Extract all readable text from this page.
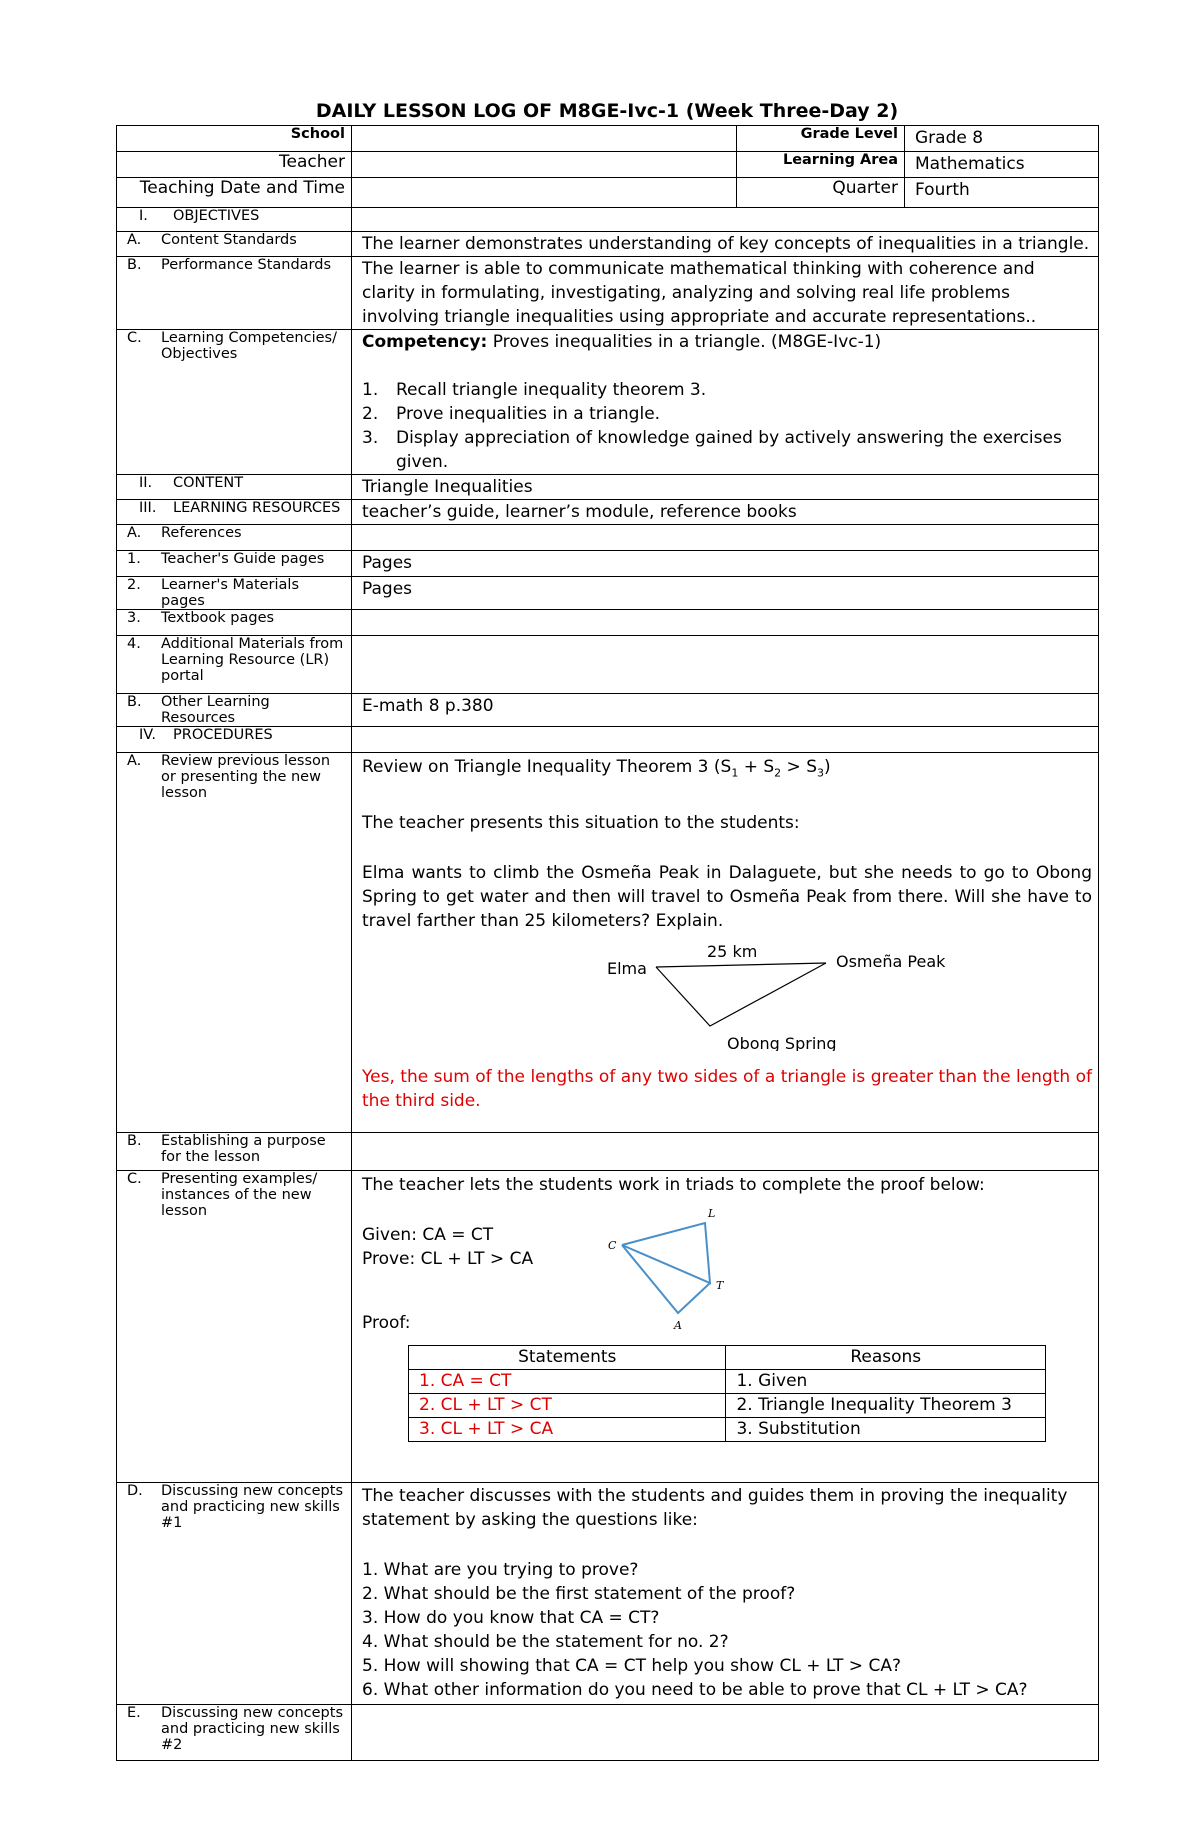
DAILY LESSON LOG OF M8GE-Ivc-1 (Week Three-Day 2)
School		Grade Level	Grade 8
Teacher		Learning Area	Mathematics
Teaching Date and Time		Quarter	Fourth

I.	OBJECTIVES

A.	Content Standards	The learner demonstrates understanding of key concepts of inequalities in a triangle.

B.	Performance Standards	The learner is able to communicate mathematical thinking with coherence and clarity in formulating, investigating, analyzing and solving real life problems involving triangle inequalities using appropriate and accurate representations..

C.	Learning Competencies/ Objectives

Competency: Proves inequalities in a triangle. (M8GE-Ivc-1)
1.	Recall triangle inequality theorem 3.
2.	Prove inequalities in a triangle.
3.	Display appreciation of knowledge gained by actively answering the exercises given.

II.	CONTENT	Triangle Inequalities

III.	LEARNING RESOURCES	teacher’s guide, learner’s module, reference books

A.	References

1.	Teacher's Guide pages	Pages

2.	Learner's Materials pages
	Pages

3.	Textbook pages

4.	Additional Materials from Learning Resource (LR) portal

B.	Other Learning Resources
	E-math 8 p.380

IV.	PROCEDURES

A.	Review previous lesson or presenting the new lesson

Review on Triangle Inequality Theorem 3 $(S_1 + S_2 > S_3)$
The teacher presents this situation to the students:
Elma wants to climb the Osmeña Peak in Dalaguete, but she needs to go to Obong Spring to get water and then will travel to Osmeña Peak from there. Will she have to travel farther than 25 kilometers? Explain.
Elma
25 km
Osmeña Peak
Obong Spring
Yes, the sum of the lengths of any two sides of a triangle is greater than the length of the third side.

B.	Establishing a purpose for the lesson

C.	Presenting examples/ instances of the new lesson

The teacher lets the students work in triads to complete the proof below:
Given: CA = CT
Prove: CL + LT > CA
C
L
T
A
Proof:
Statements	Reasons
1. CA = CT	1. Given
2. CL + LT > CT	2. Triangle Inequality Theorem 3
3. CL + LT > CA	3. Substitution

D.	Discussing new concepts and practicing new skills #1

The teacher discusses with the students and guides them in proving the inequality statement by asking the questions like:
1. What are you trying to prove?
2. What should be the first statement of the proof?
3. How do you know that CA = CT?
4. What should be the statement for no. 2?
5. How will showing that CA = CT help you show CL + LT > CA?
6. What other information do you need to be able to prove that CL + LT > CA?

E.	Discussing new concepts and practicing new skills #2
